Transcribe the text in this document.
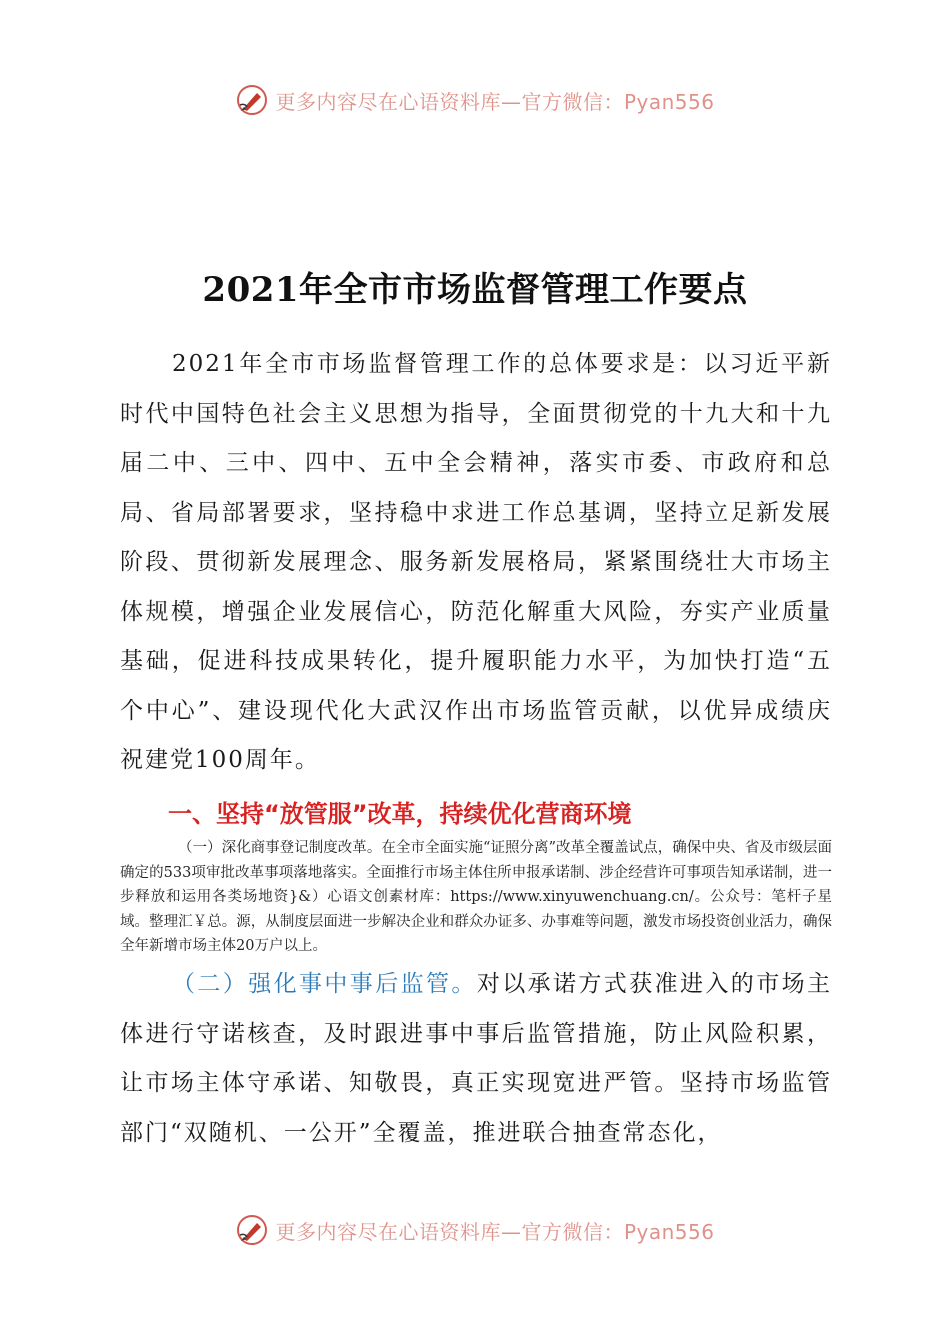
更多内容尽在心语资料库—官方微信：Pyan556
2021年全市市场监督管理工作要点
2021年全市市场监督管理工作的总体要求是：以习近平新时代中国特色社会主义思想为指导，全面贯彻党的十九大和十九届二中、三中、四中、五中全会精神，落实市委、市政府和总局、省局部署要求，坚持稳中求进工作总基调，坚持立足新发展阶段、贯彻新发展理念、服务新发展格局，紧紧围绕壮大市场主体规模，增强企业发展信心，防范化解重大风险，夯实产业质量基础，促进科技成果转化，提升履职能力水平，为加快打造“五个中心”、建设现代化大武汉作出市场监管贡献，以优异成绩庆祝建党100周年。
一、坚持“放管服”改革，持续优化营商环境
（一）深化商事登记制度改革。在全市全面实施“证照分离”改革全覆盖试点，确保中央、省及市级层面确定的533项审批改革事项落地落实。全面推行市场主体住所申报承诺制、涉企经营许可事项告知承诺制，进一步释放和运用各类场地资}&）心语文创素材库：https://www.xinyuwenchuang.cn/。公众号：笔杆子星域。整理汇￥总。源，从制度层面进一步解决企业和群众办证多、办事难等问题，激发市场投资创业活力，确保全年新增市场主体20万户以上。
（二）强化事中事后监管。对以承诺方式获准进入的市场主体进行守诺核查，及时跟进事中事后监管措施，防止风险积累，让市场主体守承诺、知敬畏，真正实现宽进严管。坚持市场监管部门“双随机、一公开”全覆盖，推进联合抽查常态化，
更多内容尽在心语资料库—官方微信：Pyan556
